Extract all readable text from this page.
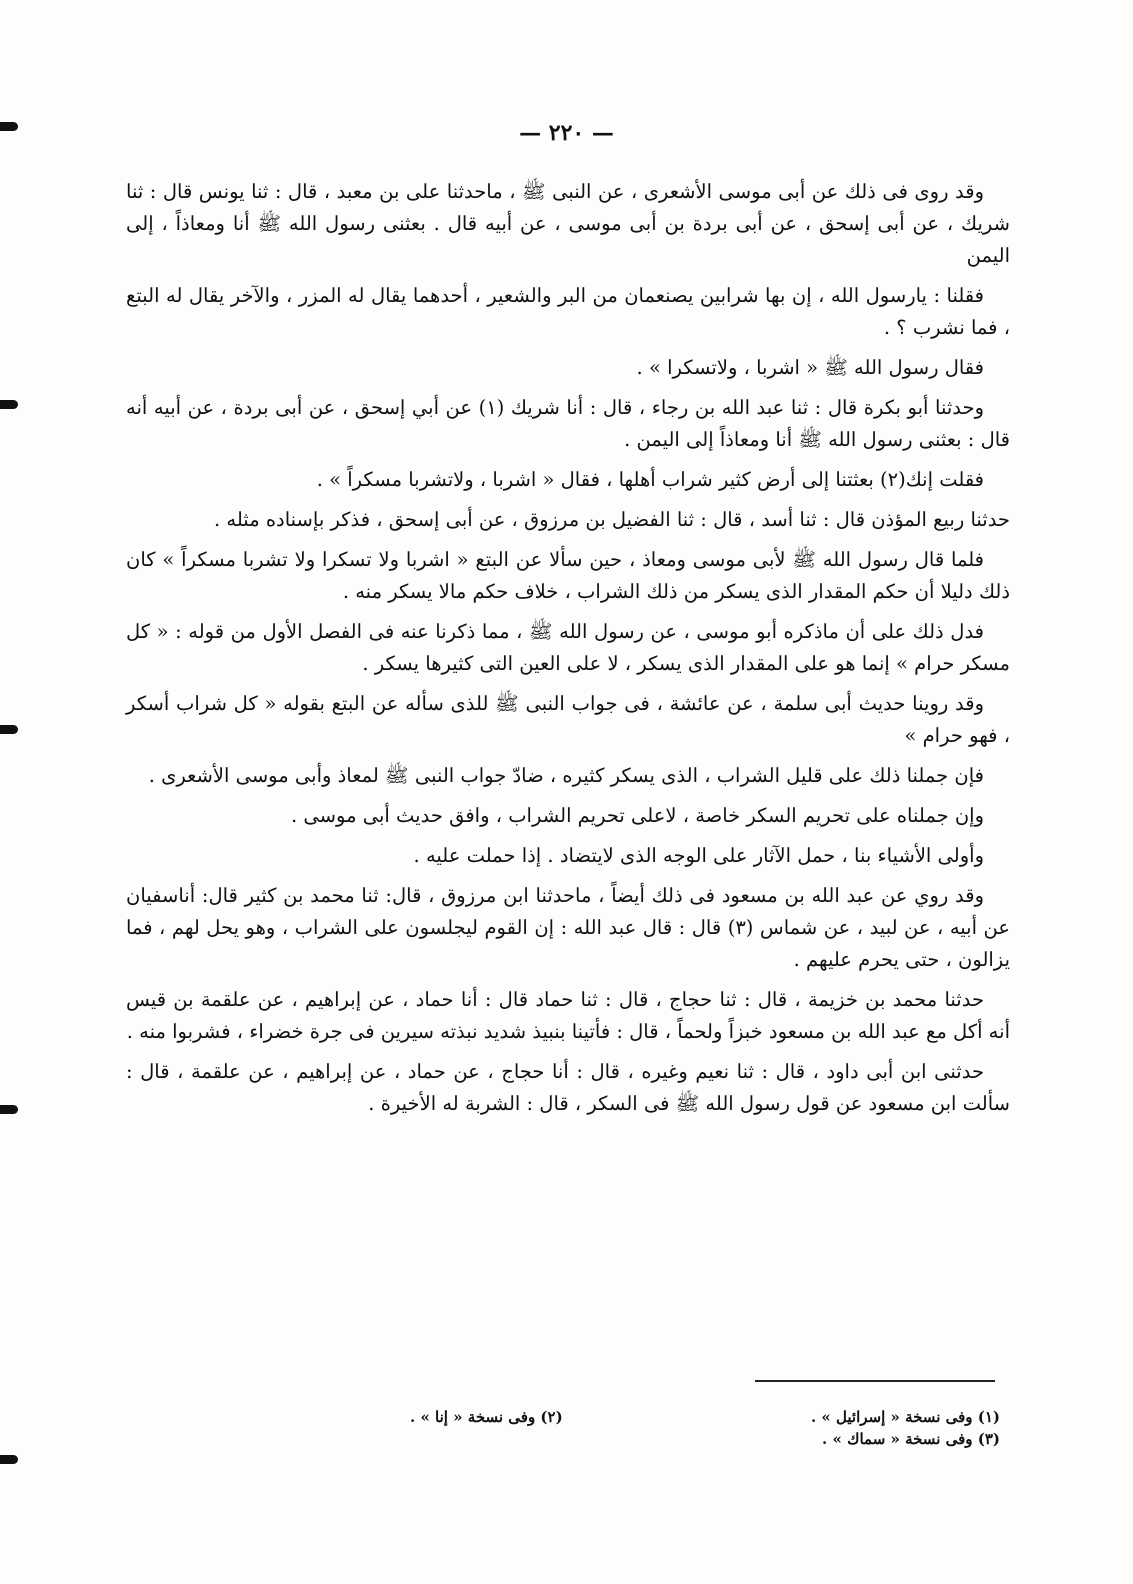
— ٢٢٠ —

وقد روى فى ذلك عن أبى موسى الأشعرى ، عن النبى ﷺ ، ماحدثنا على بن معبد ، قال : ثنا يونس قال : ثنا شريك ، عن أبى إسحق ، عن أبى بردة بن أبى موسى ، عن أبيه قال . بعثنى رسول الله ﷺ أنا ومعاذاً ، إلى اليمن

فقلنا : يارسول الله ، إن بها شرابين يصنعمان من البر والشعير ، أحدهما يقال له المزر ، والآخر يقال له البتع ، فما نشرب ؟ .

فقال رسول الله ﷺ « اشربا ، ولاتسكرا » .

وحدثنا أبو بكرة قال : ثنا عبد الله بن رجاء ، قال : أنا شريك (١) عن أبي إسحق ، عن أبى بردة ، عن أبيه أنه قال : بعثنى رسول الله ﷺ أنا ومعاذاً إلى اليمن .

فقلت إنك(٢) بعثتنا إلى أرض كثير شراب أهلها ، فقال « اشربا ، ولاتشربا مسكراً » .

حدثنا ربيع المؤذن قال : ثنا أسد ، قال : ثنا الفضيل بن مرزوق ، عن أبى إسحق ، فذكر بإسناده مثله .

فلما قال رسول الله ﷺ لأبى موسى ومعاذ ، حين سألا عن البتع « اشربا ولا تسكرا ولا تشربا مسكراً » كان ذلك دليلا أن حكم المقدار الذى يسكر من ذلك الشراب ، خلاف حكم مالا يسكر منه .

فدل ذلك على أن ماذكره أبو موسى ، عن رسول الله ﷺ ، مما ذكرنا عنه فى الفصل الأول من قوله : « كل مسكر حرام » إنما هو على المقدار الذى يسكر ، لا على العين التى كثيرها يسكر .

وقد روينا حديث أبى سلمة ، عن عائشة ، فى جواب النبى ﷺ للذى سأله عن البتع بقوله « كل شراب أسكر ، فهو حرام »

فإن جملنا ذلك على قليل الشراب ، الذى يسكر كثيره ، ضادّ جواب النبى ﷺ لمعاذ وأبى موسى الأشعرى .

وإن جملناه على تحريم السكر خاصة ، لاعلى تحريم الشراب ، وافق حديث أبى موسى .

وأولى الأشياء بنا ، حمل الآثار على الوجه الذى لايتضاد . إذا حملت عليه .

وقد روي عن عبد الله بن مسعود فى ذلك أيضاً ، ماحدثنا ابن مرزوق ، قال: ثنا محمد بن كثير قال: أناسفيان عن أبيه ، عن لبيد ، عن شماس (٣) قال : قال عبد الله : إن القوم ليجلسون على الشراب ، وهو يحل لهم ، فما يزالون ، حتى يحرم عليهم .

حدثنا محمد بن خزيمة ، قال : ثنا حجاج ، قال : ثنا حماد قال : أنا حماد ، عن إبراهيم ، عن علقمة بن قيس أنه أكل مع عبد الله بن مسعود خبزاً ولحماً ، قال : فأتينا بنبيذ شديد نبذته سيرين فى جرة خضراء ، فشربوا منه .

حدثنى ابن أبى داود ، قال : ثنا نعيم وغيره ، قال : أنا حجاج ، عن حماد ، عن إبراهيم ، عن علقمة ، قال : سألت ابن مسعود عن قول رسول الله ﷺ فى السكر ، قال : الشربة له الأخيرة .

(١) وفى نسخة « إسرائيل » .
(٢) وفى نسخة « إنا » .
(٣) وفى نسخة « سماك » .
